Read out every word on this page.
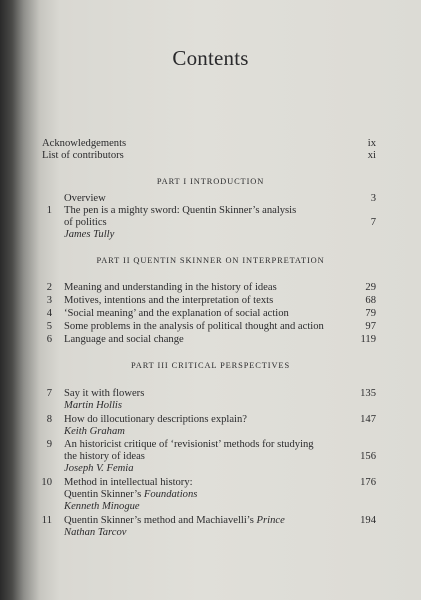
Contents
Acknowledgements	ix
List of contributors	xi
PART I INTRODUCTION
Overview	3
1 The pen is a mighty sword: Quentin Skinner’s analysis
of politics	7
James Tully
PART II QUENTIN SKINNER ON INTERPRETATION
2 Meaning and understanding in the history of ideas	29
3 Motives, intentions and the interpretation of texts	68
4 ‘Social meaning’ and the explanation of social action	79
5 Some problems in the analysis of political thought and action	97
6 Language and social change	119
PART III CRITICAL PERSPECTIVES
7 Say it with flowers	135
Martin Hollis
8 How do illocutionary descriptions explain?	147
Keith Graham
9 An historicist critique of ‘revisionist’ methods for studying
the history of ideas	156
Joseph V. Femia
10 Method in intellectual history:	176
Quentin Skinner’s Foundations
Kenneth Minogue
11 Quentin Skinner’s method and Machiavelli’s Prince	194
Nathan Tarcov
